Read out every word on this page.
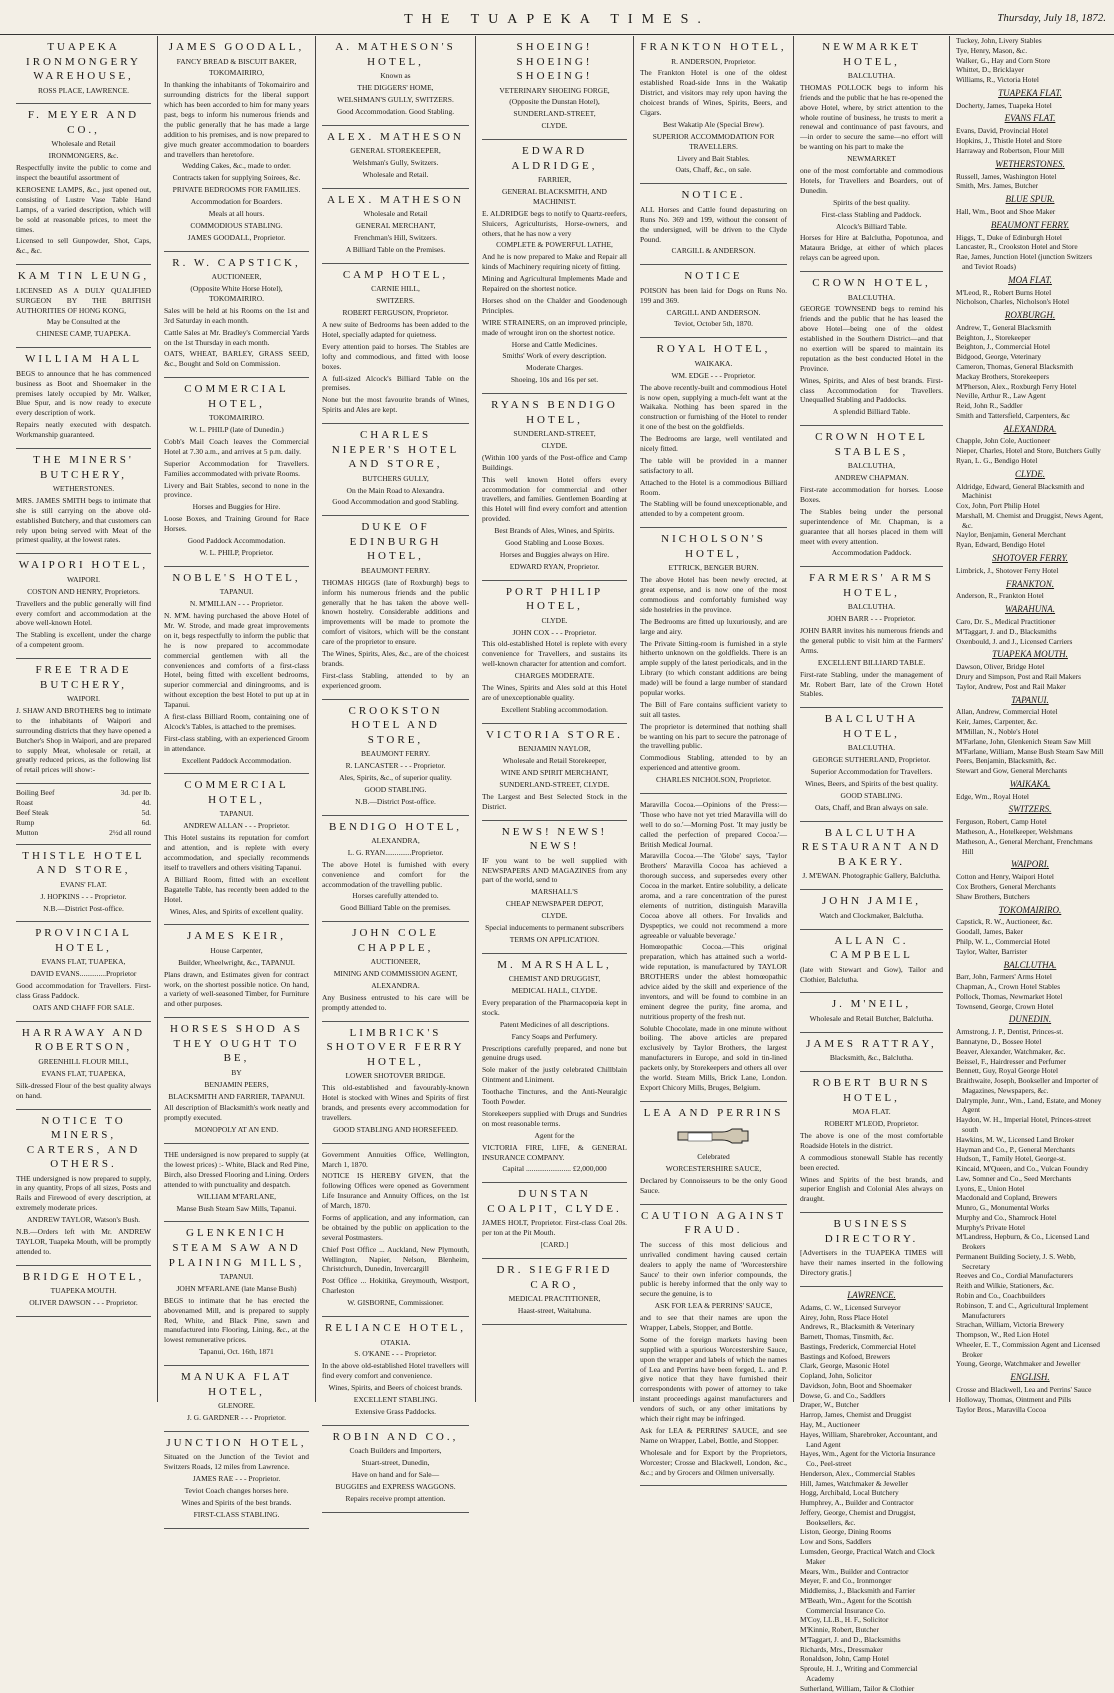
THE TUAPEKA TIMES.	Thursday, July 18, 1872.
TUAPEKA IRONMONGERY WAREHOUSE,

ROSS PLACE, LAWRENCE.

F. MEYER AND CO.,

Wholesale and Retail

IRONMONGERS, &c.

Respectfully invite the public to come and inspect the beautiful assortment of

KEROSENE LAMPS, &c., just opened out, consisting of Lustre Vase Table Hand Lamps, of a varied description, which will be sold at reasonable prices, to meet the times.

Licensed to sell Gunpowder, Shot, Caps, &c., &c.

KAM TIN LEUNG,

LICENSED AS A DULY QUALIFIED SURGEON BY THE BRITISH AUTHORITIES OF HONG KONG,

May be Consulted at the

CHINESE CAMP, TUAPEKA.

WILLIAM HALL

BEGS to announce that he has commenced business as Boot and Shoemaker in the premises lately occupied by Mr. Walker, Blue Spur, and is now ready to execute every description of work.

Repairs neatly executed with despatch. Workmanship guaranteed.

THE MINERS' BUTCHERY,

WETHERSTONES.

MRS. JAMES SMITH begs to intimate that she is still carrying on the above old-established Butchery, and that customers can rely upon being served with Meat of the primest quality, at the lowest rates.

WAIPORI HOTEL,

WAIPORI.

COSTON AND HENRY, Proprietors.

Travellers and the public generally will find every comfort and accommodation at the above well-known Hotel.

The Stabling is excellent, under the charge of a competent groom.

FREE TRADE BUTCHERY,

WAIPORI.

J. SHAW AND BROTHERS beg to intimate to the inhabitants of Waipori and surrounding districts that they have opened a Butcher's Shop in Waipori, and are prepared to supply Meat, wholesale or retail, at greatly reduced prices, as the following list of retail prices will show:-

Boiling Beef	3d. per lb.
Roast	4d.
Beef Steak	5d.
Rump	6d.
Mutton	2½d all round
THISTLE HOTEL AND STORE,

EVANS' FLAT.

J. HOPKINS - - - Proprietor.

N.B.—District Post-office.

PROVINCIAL HOTEL,

EVANS FLAT, TUAPEKA,

DAVID EVANS..............Proprietor

Good accommodation for Travellers. First-class Grass Paddock.

OATS AND CHAFF FOR SALE.

HARRAWAY AND ROBERTSON,

GREENHILL FLOUR MILL,

EVANS FLAT, TUAPEKA,

Silk-dressed Flour of the best quality always on hand.

NOTICE TO MINERS, CARTERS, AND OTHERS.

THE undersigned is now prepared to supply, in any quantity, Props of all sizes, Posts and Rails and Firewood of every description, at extremely moderate prices.

ANDREW TAYLOR, Watson's Bush.

N.B.—Orders left with Mr. ANDREW TAYLOR, Tuapeka Mouth, will be promptly attended to.

BRIDGE HOTEL,

TUAPEKA MOUTH.

OLIVER DAWSON - - - Proprietor.

JAMES GOODALL,

FANCY BREAD & BISCUIT BAKER,

TOKOMAIRIRO,

In thanking the inhabitants of Tokomairiro and surrounding districts for the liberal support which has been accorded to him for many years past, begs to inform his numerous friends and the public generally that he has made a large addition to his premises, and is now prepared to give much greater accommodation to boarders and travellers than heretofore.

Wedding Cakes, &c., made to order.

Contracts taken for supplying Soirees, &c.

PRIVATE BEDROOMS FOR FAMILIES.

Accommodation for Boarders.

Meals at all hours.

COMMODIOUS STABLING.

JAMES GOODALL, Proprietor.

R. W. CAPSTICK,

AUCTIONEER,

(Opposite White Horse Hotel), TOKOMAIRIRO.

Sales will be held at his Rooms on the 1st and 3rd Saturday in each month.

Cattle Sales at Mr. Bradley's Commercial Yards on the 1st Thursday in each month.

OATS, WHEAT, BARLEY, GRASS SEED, &c., Bought and Sold on Commission.

COMMERCIAL HOTEL,

TOKOMAIRIRO.

W. L. PHILP (late of Dunedin.)

Cobb's Mail Coach leaves the Commercial Hotel at 7.30 a.m., and arrives at 5 p.m. daily.

Superior Accommodation for Travellers. Families accommodated with private Rooms.

Livery and Bait Stables, second to none in the province.

Horses and Buggies for Hire.

Loose Boxes, and Training Ground for Race Horses.

Good Paddock Accommodation.

W. L. PHILP, Proprietor.

NOBLE'S HOTEL,

TAPANUI.

N. M'MILLAN - - - Proprietor.

N. M'M. having purchased the above Hotel of Mr. W. Strode, and made great improvements on it, begs respectfully to inform the public that he is now prepared to accommodate commercial gentlemen with all the conveniences and comforts of a first-class Hotel, being fitted with excellent bedrooms, superior commercial and diningrooms, and is without exception the best Hotel to put up at in Tapanui.

A first-class Billiard Room, containing one of Alcock's Tables, is attached to the premises.

First-class stabling, with an experienced Groom in attendance.

Excellent Paddock Accommodation.

COMMERCIAL HOTEL,

TAPANUI.

ANDREW ALLAN - - - Proprietor.

This Hotel sustains its reputation for comfort and attention, and is replete with every accommodation, and specially recommends itself to travellers and others visiting Tapanui.

A Billiard Room, fitted with an excellent Bagatelle Table, has recently been added to the Hotel.

Wines, Ales, and Spirits of excellent quality.

JAMES KEIR,

House Carpenter,

Builder, Wheelwright, &c., TAPANUI.

Plans drawn, and Estimates given for contract work, on the shortest possible notice. On hand, a variety of well-seasoned Timber, for Furniture and other purposes.

HORSES SHOD AS THEY OUGHT TO BE,

BY

BENJAMIN PEERS,

BLACKSMITH AND FARRIER, TAPANUI.

All description of Blacksmith's work neatly and promptly executed.

MONOPOLY AT AN END.

THE undersigned is now prepared to supply (at the lowest prices) :- White, Black and Red Pine, Birch, also Dressed Flooring and Lining. Orders attended to with punctuality and despatch.

WILLIAM M'FARLANE,

Manse Bush Steam Saw Mills, Tapanui.

GLENKENICH STEAM SAW AND PLAINING MILLS,

TAPANUI.

JOHN M'FARLANE (late Manse Bush)

BEGS to intimate that he has erected the abovenamed Mill, and is prepared to supply Red, White, and Black Pine, sawn and manufactured into Flooring, Lining, &c., at the lowest remunerative prices.

Tapanui, Oct. 16th, 1871

MANUKA FLAT HOTEL,

GLENORE.

J. G. GARDNER - - - Proprietor.

JUNCTION HOTEL,

Situated on the Junction of the Teviot and Switzers Roads, 12 miles from Lawrence.

JAMES RAE - - - Proprietor.

Teviot Coach changes horses here.

Wines and Spirits of the best brands.

FIRST-CLASS STABLING.

A. MATHESON'S HOTEL,

Known as

THE DIGGERS' HOME,

WELSHMAN'S GULLY, SWITZERS.

Good Accommodation. Good Stabling.

ALEX. MATHESON

GENERAL STOREKEEPER,

Welshman's Gully, Switzers.

Wholesale and Retail.

ALEX. MATHESON

Wholesale and Retail

GENERAL MERCHANT,

Frenchman's Hill, Switzers.

A Billiard Table on the Premises.

CAMP HOTEL,

CARNIE HILL,

SWITZERS.

ROBERT FERGUSON, Proprietor.

A new suite of Bedrooms has been added to the Hotel, specially adapted for quietness.

Every attention paid to horses. The Stables are lofty and commodious, and fitted with loose boxes.

A full-sized Alcock's Billiard Table on the premises.

None but the most favourite brands of Wines, Spirits and Ales are kept.

CHARLES NIEPER'S HOTEL AND STORE,

BUTCHERS GULLY,

On the Main Road to Alexandra.

Good Accommodation and good Stabling.

DUKE OF EDINBURGH HOTEL,

BEAUMONT FERRY.

THOMAS HIGGS (late of Roxburgh) begs to inform his numerous friends and the public generally that he has taken the above well-known hostelry. Considerable additions and improvements will be made to promote the comfort of visitors, which will be the constant care of the proprietor to ensure.

The Wines, Spirits, Ales, &c., are of the choicest brands.

First-class Stabling, attended to by an experienced groom.

CROOKSTON HOTEL AND STORE,

BEAUMONT FERRY.

R. LANCASTER - - - Proprietor.

Ales, Spirits, &c., of superior quality.

GOOD STABLING.

N.B.—District Post-office.

BENDIGO HOTEL,

ALEXANDRA,

L. G. RYAN..............Proprietor.

The above Hotel is furnished with every convenience and comfort for the accommodation of the travelling public.

Horses carefully attended to.

Good Billiard Table on the premises.

JOHN COLE CHAPPLE,

AUCTIONEER,

MINING AND COMMISSION AGENT,

ALEXANDRA.

Any Business entrusted to his care will be promptly attended to.

LIMBRICK'S SHOTOVER FERRY HOTEL,

LOWER SHOTOVER BRIDGE.

This old-established and favourably-known Hotel is stocked with Wines and Spirits of first brands, and presents every accommodation for travellers.

GOOD STABLING AND HORSEFEED.

Government Annuities Office, Wellington, March 1, 1870.

NOTICE IS HEREBY GIVEN, that the following Offices were opened as Government Life Insurance and Annuity Offices, on the 1st of March, 1870.

Forms of application, and any information, can be obtained by the public on application to the several Postmasters.

Chief Post Office ... Auckland, New Plymouth, Wellington, Napier, Nelson, Blenheim, Christchurch, Dunedin, Invercargill

Post Office ... Hokitika, Greymouth, Westport, Charleston

W. GISBORNE, Commissioner.

RELIANCE HOTEL,

OTAKIA.

S. O'KANE - - - Proprietor.

In the above old-established Hotel travellers will find every comfort and convenience.

Wines, Spirits, and Beers of choicest brands.

EXCELLENT STABLING.

Extensive Grass Paddocks.

ROBIN AND CO.,

Coach Builders and Importers,

Stuart-street, Dunedin,

Have on hand and for Sale—

BUGGIES and EXPRESS WAGGONS.

Repairs receive prompt attention.

SHOEING! SHOEING! SHOEING!

VETERINARY SHOEING FORGE,

(Opposite the Dunstan Hotel),

SUNDERLAND-STREET,

CLYDE.

EDWARD ALDRIDGE,

FARRIER,

GENERAL BLACKSMITH, AND MACHINIST.

E. ALDRIDGE begs to notify to Quartz-reefers, Sluicers, Agriculturists, Horse-owners, and others, that he has now a very

COMPLETE & POWERFUL LATHE,

And he is now prepared to Make and Repair all kinds of Machinery requiring nicety of fitting.

Mining and Agricultural Implements Made and Repaired on the shortest notice.

Horses shod on the Chalder and Goodenough Principles.

WIRE STRAINERS, on an improved principle, made of wrought iron on the shortest notice.

Horse and Cattle Medicines.

Smiths' Work of every description.

Moderate Charges.

Shoeing, 10s and 16s per set.

RYANS BENDIGO HOTEL,

SUNDERLAND-STREET,

CLYDE.

(Within 100 yards of the Post-office and Camp Buildings.

This well known Hotel offers every accommodation for commercial and other travellers, and families. Gentlemen Boarding at this Hotel will find every comfort and attention provided.

Best Brands of Ales, Wines, and Spirits.

Good Stabling and Loose Boxes.

Horses and Buggies always on Hire.

EDWARD RYAN, Proprietor.

PORT PHILIP HOTEL,

CLYDE.

JOHN COX - - - Proprietor.

This old-established Hotel is replete with every convenience for Travellers, and sustains its well-known character for attention and comfort.

CHARGES MODERATE.

The Wines, Spirits and Ales sold at this Hotel are of unexceptionable quality.

Excellent Stabling accommodation.

VICTORIA STORE.

BENJAMIN NAYLOR,

Wholesale and Retail Storekeeper,

WINE AND SPIRIT MERCHANT,

SUNDERLAND-STREET, CLYDE.

The Largest and Best Selected Stock in the District.

NEWS! NEWS! NEWS!

IF you want to be well supplied with NEWSPAPERS AND MAGAZINES from any part of the world, send to

MARSHALL'S

CHEAP NEWSPAPER DEPOT,

CLYDE.

Special inducements to permanent subscribers

TERMS ON APPLICATION.

M. MARSHALL,

CHEMIST AND DRUGGIST,

MEDICAL HALL, CLYDE.

Every preparation of the Pharmacopœia kept in stock.

Patent Medicines of all descriptions.

Fancy Soaps and Perfumery.

Prescriptions carefully prepared, and none but genuine drugs used.

Sole maker of the justly celebrated Chillblain Ointment and Liniment.

Toothache Tinctures, and the Anti-Neuralgic Tooth Powder.

Storekeepers supplied with Drugs and Sundries on most reasonable terms.

Agent for the

VICTORIA FIRE, LIFE, & GENERAL INSURANCE COMPANY.

Capital ........................ £2,000,000

DUNSTAN COALPIT, CLYDE.

JAMES HOLT, Proprietor. First-class Coal 20s. per ton at the Pit Mouth.

[CARD.]

DR. SIEGFRIED CARO,

MEDICAL PRACTITIONER,

Haast-street, Waitahuna.

FRANKTON HOTEL,

R. ANDERSON, Proprietor.

The Frankton Hotel is one of the oldest established Road-side Inns in the Wakatip District, and visitors may rely upon having the choicest brands of Wines, Spirits, Beers, and Cigars.

Best Wakatip Ale (Special Brew).

SUPERIOR ACCOMMODATION FOR TRAVELLERS.

Livery and Bait Stables.

Oats, Chaff, &c., on sale.

NOTICE.

ALL Horses and Cattle found depasturing on Runs No. 369 and 199, without the consent of the undersigned, will be driven to the Clyde Pound.

CARGILL & ANDERSON.

NOTICE

POISON has been laid for Dogs on Runs No. 199 and 369.

CARGILL AND ANDERSON.

Teviot, October 5th, 1870.

ROYAL HOTEL,

WAIKAKA.

WM. EDGE - - - Proprietor.

The above recently-built and commodious Hotel is now open, supplying a much-felt want at the Waikaka. Nothing has been spared in the construction or furnishing of the Hotel to render it one of the best on the goldfields.

The Bedrooms are large, well ventilated and nicely fitted.

The table will be provided in a manner satisfactory to all.

Attached to the Hotel is a commodious Billiard Room.

The Stabling will be found unexceptionable, and attended to by a competent groom.

NICHOLSON'S HOTEL,

ETTRICK, BENGER BURN.

The above Hotel has been newly erected, at great expense, and is now one of the most commodious and comfortably furnished way side hostelries in the province.

The Bedrooms are fitted up luxuriously, and are large and airy.

The Private Sitting-room is furnished in a style hitherto unknown on the goldfields. There is an ample supply of the latest periodicals, and in the Library (to which constant additions are being made) will be found a large number of standard popular works.

The Bill of Fare contains sufficient variety to suit all tastes.

The proprietor is determined that nothing shall be wanting on his part to secure the patronage of the travelling public.

Commodious Stabling, attended to by an experienced and attentive groom.

CHARLES NICHOLSON, Proprietor.

Maravilla Cocoa.—Opinions of the Press:— 'Those who have not yet tried Maravilla will do well to do so.'—Morning Post. 'It may justly be called the perfection of prepared Cocoa.'—British Medical Journal.

Maravilla Cocoa.—The 'Globe' says, 'Taylor Brothers' Maravilla Cocoa has achieved a thorough success, and supersedes every other Cocoa in the market. Entire solubility, a delicate aroma, and a rare concentration of the purest elements of nutrition, distinguish Maravilla Cocoa above all others. For Invalids and Dyspeptics, we could not recommend a more agreeable or valuable beverage.'

Homœopathic Cocoa.—This original preparation, which has attained such a world-wide reputation, is manufactured by TAYLOR BROTHERS under the ablest homœopathic advice aided by the skill and experience of the inventors, and will be found to combine in an eminent degree the purity, fine aroma, and nutritious property of the fresh nut.

Soluble Chocolate, made in one minute without boiling. The above articles are prepared exclusively by Taylor Brothers, the largest manufacturers in Europe, and sold in tin-lined packets only, by Storekeepers and others all over the world. Steam Mills, Brick Lane, London. Export Chicory Mills, Bruges, Belgium.

LEA AND PERRINS

Celebrated

WORCESTERSHIRE SAUCE,

Declared by Connoisseurs to be the only Good Sauce.

CAUTION AGAINST FRAUD.

The success of this most delicious and unrivalled condiment having caused certain dealers to apply the name of 'Worcestershire Sauce' to their own inferior compounds, the public is hereby informed that the only way to secure the genuine, is to

ASK FOR LEA & PERRINS' SAUCE,

and to see that their names are upon the Wrapper, Labels, Stopper, and Bottle.

Some of the foreign markets having been supplied with a spurious Worcestershire Sauce, upon the wrapper and labels of which the names of Lea and Perrins have been forged, L. and P. give notice that they have furnished their correspondents with power of attorney to take instant proceedings against manufacturers and vendors of such, or any other imitations by which their right may be infringed.

Ask for LEA & PERRINS' SAUCE, and see Name on Wrapper, Label, Bottle, and Stopper.

Wholesale and for Export by the Proprietors, Worcester; Crosse and Blackwell, London, &c., &c.; and by Grocers and Oilmen universally.

NEWMARKET HOTEL,

BALCLUTHA.

THOMAS POLLOCK begs to inform his friends and the public that he has re-opened the above Hotel, where, by strict attention to the whole routine of business, he trusts to merit a renewal and continuance of past favours, and—in order to secure the same—no effort will be wanting on his part to make the

NEWMARKET

one of the most comfortable and commodious Hotels, for Travellers and Boarders, out of Dunedin.

Spirits of the best quality.

First-class Stabling and Paddock.

Alcock's Billiard Table.

Horses for Hire at Balclutha, Popotunoa, and Mataura Bridge, at either of which places relays can be agreed upon.

CROWN HOTEL,

BALCLUTHA.

GEORGE TOWNSEND begs to remind his friends and the public that he has leased the above Hotel—being one of the oldest established in the Southern District—and that no exertion will be spared to maintain its reputation as the best conducted Hotel in the Province.

Wines, Spirits, and Ales of best brands. First-class Accommodation for Travellers. Unequalled Stabling and Paddocks.

A splendid Billiard Table.

CROWN HOTEL STABLES,

BALCLUTHA,

ANDREW CHAPMAN.

First-rate accommodation for horses. Loose Boxes.

The Stables being under the personal superintendence of Mr. Chapman, is a guarantee that all horses placed in them will meet with every attention.

Accommodation Paddock.

FARMERS' ARMS HOTEL,

BALCLUTHA.

JOHN BARR - - - Proprietor.

JOHN BARR invites his numerous friends and the general public to visit him at the Farmers' Arms.

EXCELLENT BILLIARD TABLE.

First-rate Stabling, under the management of Mr. Robert Barr, late of the Crown Hotel Stables.

BALCLUTHA HOTEL,

BALCLUTHA.

GEORGE SUTHERLAND, Proprietor.

Superior Accommodation for Travellers.

Wines, Beers, and Spirits of the best quality.

GOOD STABLING.

Oats, Chaff, and Bran always on sale.

BALCLUTHA RESTAURANT AND BAKERY.

J. M'EWAN. Photographic Gallery, Balclutha.

JOHN JAMIE,

Watch and Clockmaker, Balclutha.

ALLAN C. CAMPBELL

(late with Stewart and Gow), Tailor and Clothier, Balclutha.

J. M'NEIL,

Wholesale and Retail Butcher, Balclutha.

JAMES RATTRAY,

Blacksmith, &c., Balclutha.

ROBERT BURNS HOTEL,

MOA FLAT.

ROBERT M'LEOD, Proprietor.

The above is one of the most comfortable Roadside Hotels in the district.

A commodious stonewall Stable has recently been erected.

Wines and Spirits of the best brands, and superior English and Colonial Ales always on draught.

BUSINESS DIRECTORY.

[Advertisers in the TUAPEKA TIMES will have their names inserted in the following Directory gratis.]

LAWRENCE.
Adams, C. W., Licensed Surveyor
Airey, John, Ross Place Hotel
Andrews, R., Blacksmith & Veterinary
Barnett, Thomas, Tinsmith, &c.
Bastings, Frederick, Commercial Hotel
Bastings and Kofoed, Brewers
Clark, George, Masonic Hotel
Copland, John, Solicitor
Davidson, John, Boot and Shoemaker
Dowse, G. and Co., Saddlers
Draper, W., Butcher
Harrop, James, Chemist and Druggist
Hay, M., Auctioneer
Hayes, William, Sharebroker, Accountant, and Land Agent
Hayes, Wm., Agent for the Victoria Insurance Co., Peel-street
Henderson, Alex., Commercial Stables
Hill, James, Watchmaker & Jeweller
Hogg, Archibald, Local Butchery
Humphrey, A., Builder and Contractor
Jeffery, George, Chemist and Druggist, Booksellers, &c.
Liston, George, Dining Rooms
Low and Sons, Saddlers
Lumsden, George, Practical Watch and Clock Maker
Mears, Wm., Builder and Contractor
Meyer, F. and Co., Ironmonger
Middlemiss, J., Blacksmith and Farrier
M'Beath, Wm., Agent for the Scottish Commercial Insurance Co.
M'Coy, LL.B., H. F., Solicitor
M'Kinnie, Robert, Butcher
M'Taggart, J. and D., Blacksmiths
Richards, Mrs., Dressmaker
Ronaldson, John, Camp Hotel
Sproule, H. J., Writing and Commercial Academy
Sutherland, William, Tailor & Clothier
Tuckey, John, Livery Stables
Tye, Henry, Mason, &c.
Walker, G., Hay and Corn Store
Whittet, D., Bricklayer
Williams, R., Victoria Hotel
TUAPEKA FLAT.
Docherty, James, Tuapeka Hotel
EVANS FLAT.
Evans, David, Provincial Hotel
Hopkins, J., Thistle Hotel and Store
Harraway and Robertson, Flour Mill
WETHERSTONES.
Russell, James, Washington Hotel
Smith, Mrs. James, Butcher
BLUE SPUR.
Hall, Wm., Boot and Shoe Maker
BEAUMONT FERRY.
Higgs, T., Duke of Edinburgh Hotel
Lancaster, R., Crookston Hotel and Store
Rae, James, Junction Hotel (junction Switzers and Teviot Roads)
MOA FLAT.
M'Leod, R., Robert Burns Hotel
Nicholson, Charles, Nicholson's Hotel
ROXBURGH.
Andrew, T., General Blacksmith
Beighton, J., Storekeeper
Beighton, J., Commercial Hotel
Bidgood, George, Veterinary
Cameron, Thomas, General Blacksmith
Mackay Brothers, Storekeepers
M'Pherson, Alex., Roxburgh Ferry Hotel
Neville, Arthur R., Law Agent
Reid, John R., Saddler
Smith and Tattersfield, Carpenters, &c
ALEXANDRA.
Chapple, John Cole, Auctioneer
Nieper, Charles, Hotel and Store, Butchers Gully
Ryan, L. G., Bendigo Hotel
CLYDE.
Aldridge, Edward, General Blacksmith and Machinist
Cox, John, Port Philip Hotel
Marshall, M. Chemist and Druggist, News Agent, &c.
Naylor, Benjamin, General Merchant
Ryan, Edward, Bendigo Hotel
SHOTOVER FERRY.
Limbrick, J., Shotover Ferry Hotel
FRANKTON.
Anderson, R., Frankton Hotel
WARAHUNA.
Caro, Dr. S., Medical Practitioner
M'Taggart, J. and D., Blacksmiths
Oxenbould, J. and J., Licensed Carriers
TUAPEKA MOUTH.
Dawson, Oliver, Bridge Hotel
Drury and Simpson, Post and Rail Makers
Taylor, Andrew, Post and Rail Maker
TAPANUI.
Allan, Andrew, Commercial Hotel
Keir, James, Carpenter, &c.
M'Millan, N., Noble's Hotel
M'Farlane, John, Glenkenich Steam Saw Mill
M'Farlane, William, Manse Bush Steam Saw Mill
Peers, Benjamin, Blacksmith, &c.
Stewart and Gow, General Merchants
WAIKAKA.
Edge, Wm., Royal Hotel
SWITZERS.
Ferguson, Robert, Camp Hotel
Matheson, A., Hotelkeeper, Welshmans
Matheson, A., General Merchant, Frenchmans Hill
WAIPORI.
Cotton and Henry, Waipori Hotel
Cox Brothers, General Merchants
Shaw Brothers, Butchers
TOKOMAIRIRO.
Capstick, R. W., Auctioneer, &c.
Goodall, James, Baker
Philp, W. L., Commercial Hotel
Taylor, Walter, Barrister
BALCLUTHA.
Barr, John, Farmers' Arms Hotel
Chapman, A., Crown Hotel Stables
Pollock, Thomas, Newmarket Hotel
Townsend, George, Crown Hotel
DUNEDIN.
Armstrong, J. P., Dentist, Princes-st.
Bannatyne, D., Bossee Hotel
Beaver, Alexander, Watchmaker, &c.
Beissel, F., Hairdresser and Perfumer
Bennett, Guy, Royal George Hotel
Braithwaite, Joseph, Bookseller and Importer of Magazines, Newspapers, &c.
Dalrymple, Junr., Wm., Land, Estate, and Money Agent
Haydon, W. H., Imperial Hotel, Princes-street south
Hawkins, M. W., Licensed Land Broker
Hayman and Co., P., General Merchants
Hudson, T., Family Hotel, George-st.
Kincaid, M'Queen, and Co., Vulcan Foundry
Law, Somner and Co., Seed Merchants
Lyons, E., Union Hotel
Macdonald and Copland, Brewers
Munro, G., Monumental Works
Murphy and Co., Shamrock Hotel
Murphy's Private Hotel
M'Landress, Hepburn, & Co., Licensed Land Brokers
Permanent Building Society, J. S. Webb, Secretary
Reeves and Co., Cordial Manufacturers
Reith and Wilkie, Stationers, &c.
Robin and Co., Coachbuilders
Robinson, T. and C., Agricultural Implement Manufacturers
Strachan, William, Victoria Brewery
Thompson, W., Red Lion Hotel
Wheeler, E. T., Commission Agent and Licensed Broker
Young, George, Watchmaker and Jeweller
ENGLISH.
Crosse and Blackwell, Lea and Perrins' Sauce
Holloway, Thomas, Ointment and Pills
Taylor Bros., Maravilla Cocoa
